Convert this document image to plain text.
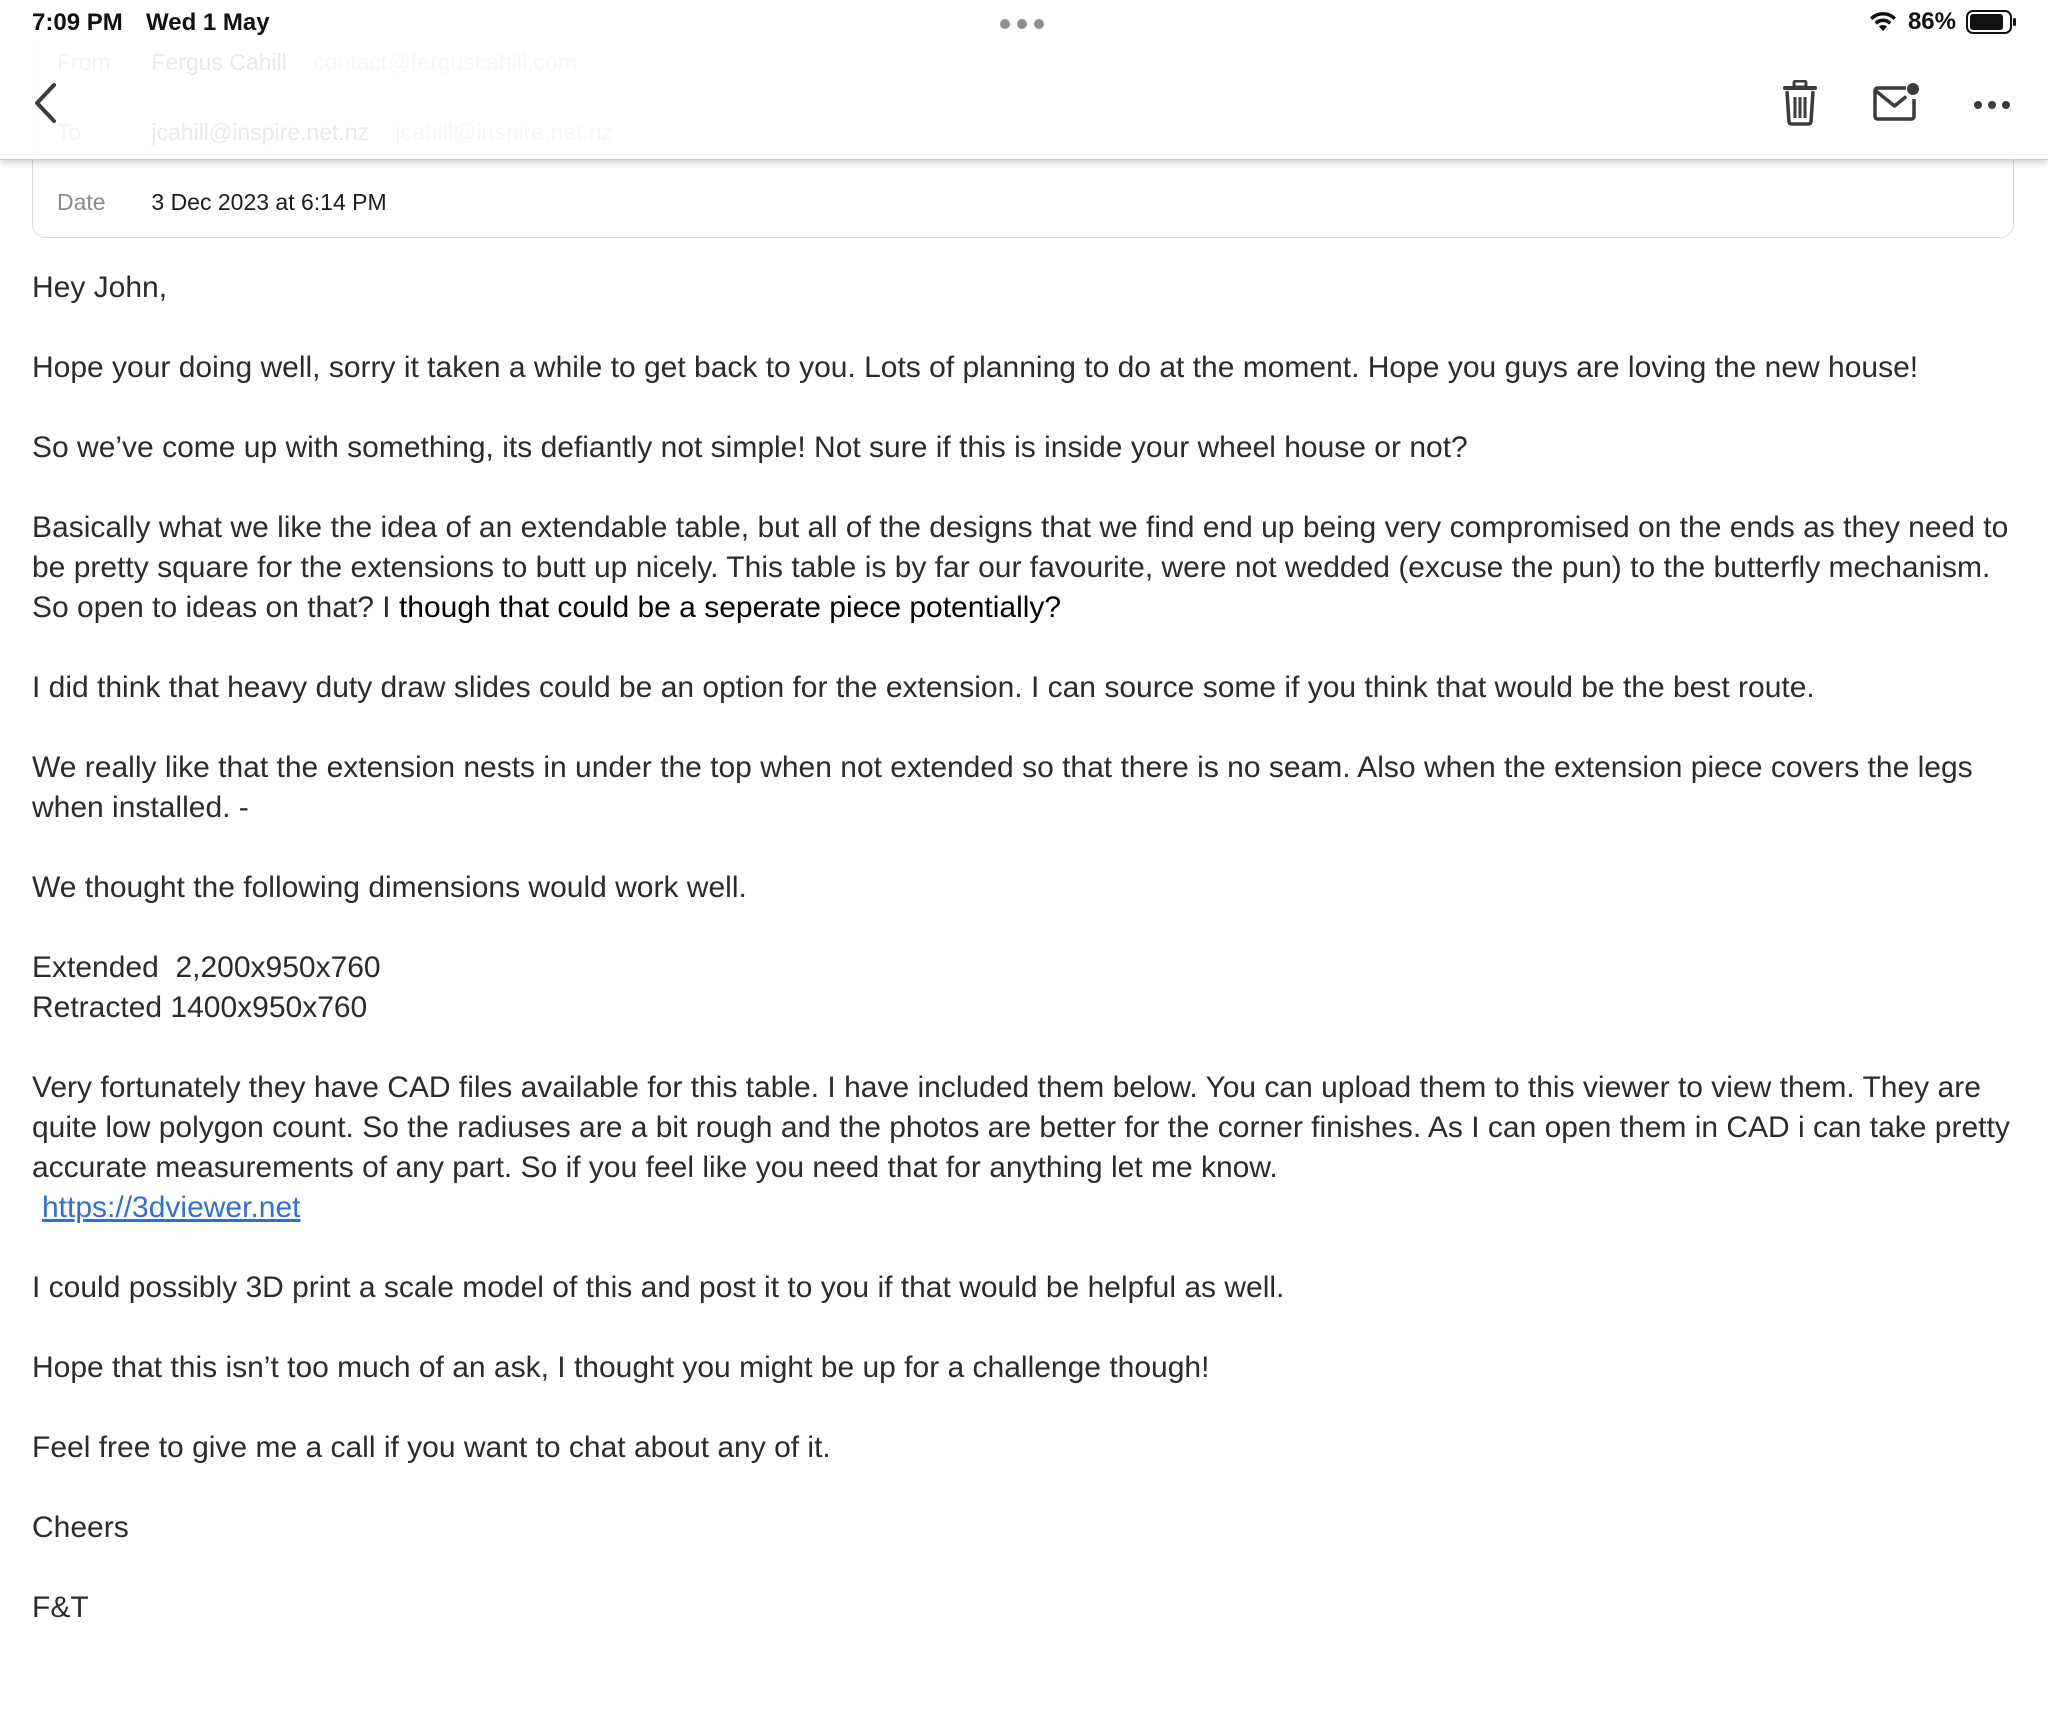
Date 3 Dec 2023 at 6:14 PM
7:09 PM Wed 1 May	86%

Hey John,

Hope your doing well, sorry it taken a while to get back to you. Lots of planning to do at the moment. Hope you guys are loving the new house!

So we’ve come up with something, its defiantly not simple! Not sure if this is inside your wheel house or not?

Basically what we like the idea of an extendable table, but all of the designs that we find end up being very compromised on the ends as they need to be pretty square for the extensions to butt up nicely. This table is by far our favourite, were not wedded (excuse the pun) to the butterfly mechanism. So open to ideas on that? I though that could be a seperate piece potentially?

I did think that heavy duty draw slides could be an option for the extension. I can source some if you think that would be the best route.

We really like that the extension nests in under the top when not extended so that there is no seam. Also when the extension piece covers the legs when installed. -

We thought the following dimensions would work well.

Extended  2,200x950x760
Retracted 1400x950x760

Very fortunately they have CAD files available for this table. I have included them below. You can upload them to this viewer to view them. They are quite low polygon count. So the radiuses are a bit rough and the photos are better for the corner finishes. As I can open them in CAD i can take pretty accurate measurements of any part. So if you feel like you need that for anything let me know.
https://3dviewer.net

I could possibly 3D print a scale model of this and post it to you if that would be helpful as well.

Hope that this isn’t too much of an ask, I thought you might be up for a challenge though!

Feel free to give me a call if you want to chat about any of it.

Cheers

F&T
